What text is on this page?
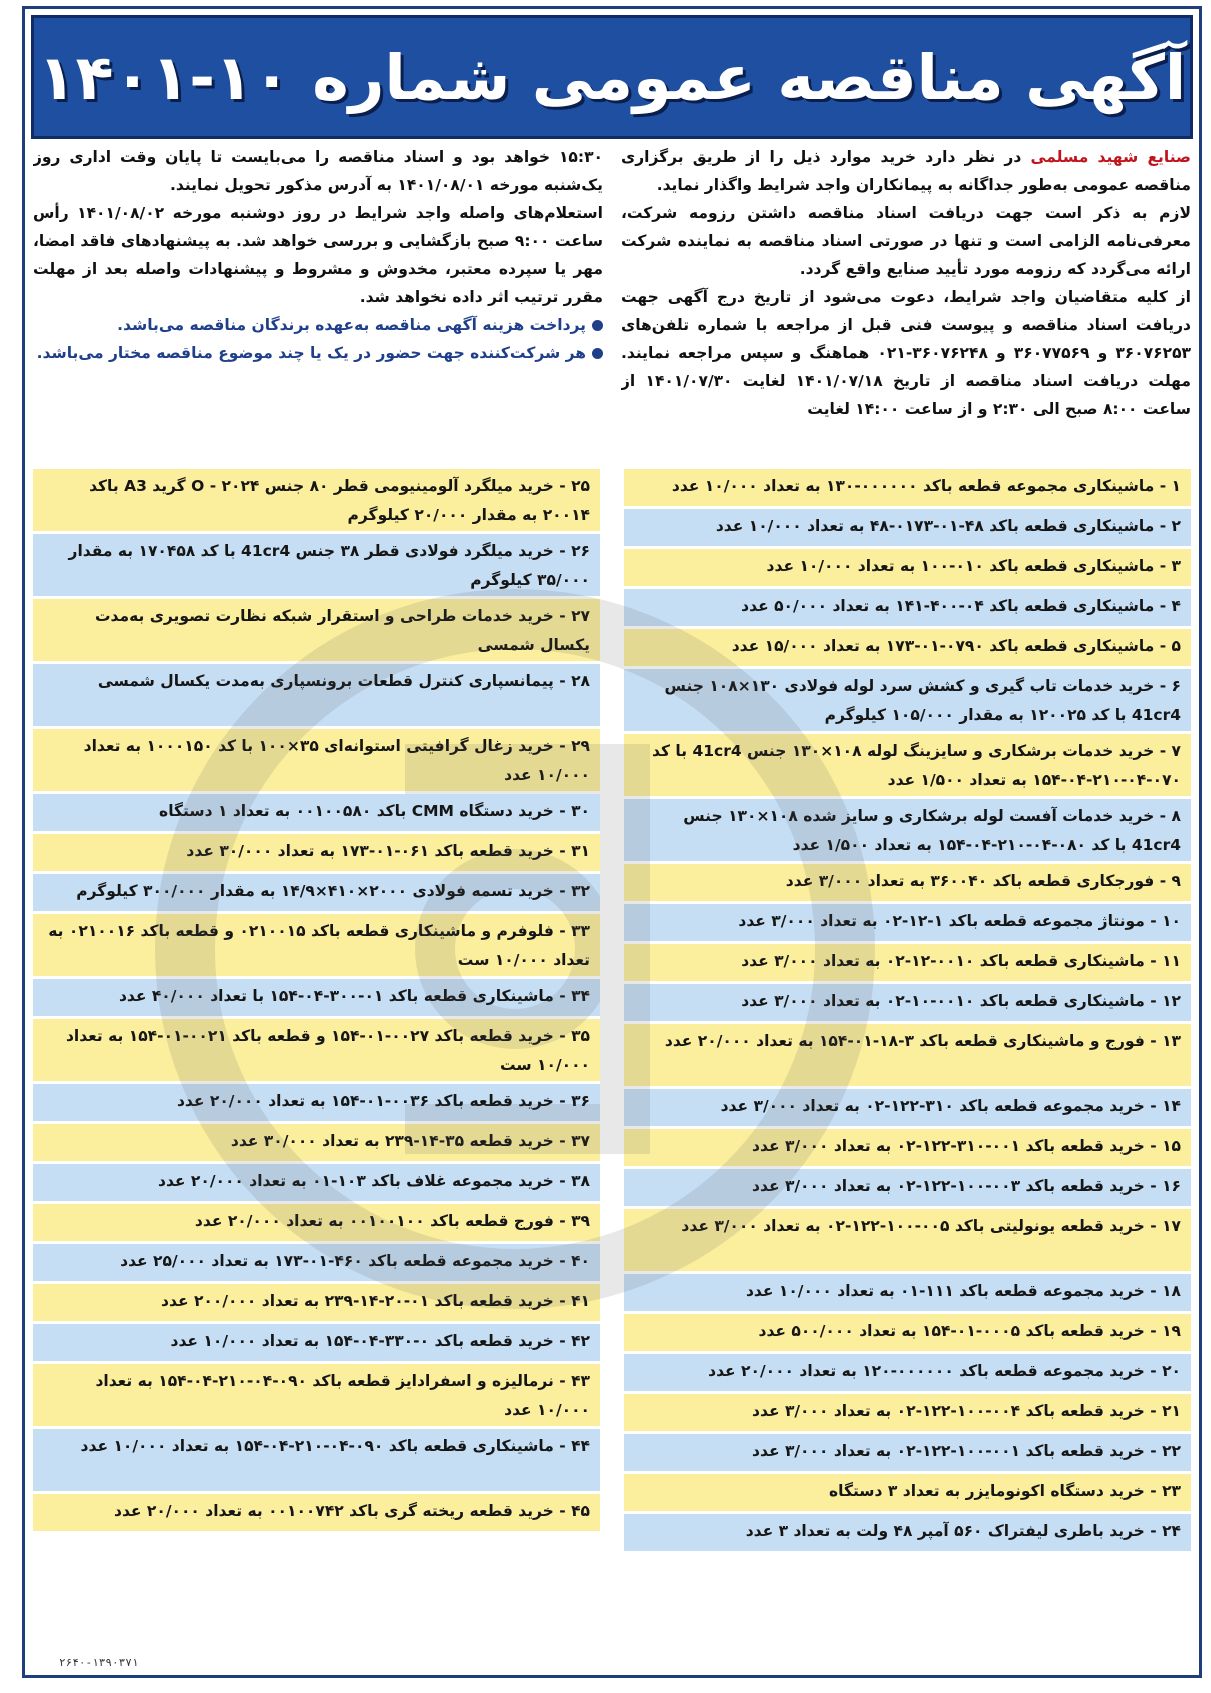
آگهی مناقصه عمومی شماره ۱۰-۱۴۰۱

صنایع شهید مسلمی در نظر دارد خرید موارد ذیل را از طریق برگزاری مناقصه عمومی به‌طور جداگانه به پیمانکاران واجد شرایط واگذار نماید.

لازم به ذکر است جهت دریافت اسناد مناقصه داشتن رزومه شرکت، معرفی‌نامه الزامی است و تنها در صورتی اسناد مناقصه به نماینده شرکت ارائه می‌گردد که رزومه مورد تأیید صنایع واقع گردد.

از کلیه متقاضیان واجد شرایط، دعوت می‌شود از تاریخ درج آگهی جهت دریافت اسناد مناقصه و پیوست فنی قبل از مراجعه با شماره تلفن‌های ۳۶۰۷۶۲۵۳ و ۳۶۰۷۷۵۶۹ و ۳۶۰۷۶۲۴۸-۰۲۱ هماهنگ و سپس مراجعه نمایند. مهلت دریافت اسناد مناقصه از تاریخ ۱۴۰۱/۰۷/۱۸ لغایت ۱۴۰۱/۰۷/۳۰ از ساعت ۸:۰۰ صبح الی ۲:۳۰ و از ساعت ۱۴:۰۰ لغایت

۱۵:۳۰ خواهد بود و اسناد مناقصه را می‌بایست تا پایان وقت اداری روز یک‌شنبه مورخه ۱۴۰۱/۰۸/۰۱ به آدرس مذکور تحویل نمایند.

استعلام‌های واصله واجد شرایط در روز دوشنبه مورخه ۱۴۰۱/۰۸/۰۲ رأس ساعت ۹:۰۰ صبح بازگشایی و بررسی خواهد شد. به پیشنهادهای فاقد امضا، مهر یا سپرده معتبر، مخدوش و مشروط و پیشنهادات واصله بعد از مهلت مقرر ترتیب اثر داده نخواهد شد.

پرداخت هزینه آگهی مناقصه به‌عهده برندگان مناقصه می‌باشد.

هر شرکت‌کننده جهت حضور در یک یا چند موضوع مناقصه مختار می‌باشد.

۱ - ماشینکاری مجموعه قطعه باکد ۰۰۰۰۰۰-۱۳۰ به تعداد ۱۰/۰۰۰ عدد
۲ - ماشینکاری قطعه باکد ۴۸-۰۱-۰۱۷۳-۴۸ به تعداد ۱۰/۰۰۰ عدد
۳ - ماشینکاری قطعه باکد ۰۱۰-۱۰۰ به تعداد ۱۰/۰۰۰ عدد
۴ - ماشینکاری قطعه باکد ۰۴-۴۰۰-۱۴۱ به تعداد ۵۰/۰۰۰ عدد
۵ - ماشینکاری قطعه باکد ۰۷۹۰-۰۱-۱۷۳ به تعداد ۱۵/۰۰۰ عدد
۶ - خرید خدمات تاب گیری و کشش سرد لوله فولادی ۱۳۰×۱۰۸ جنس 41cr4 با کد ۱۲۰۰۲۵ به مقدار ۱۰۵/۰۰۰ کیلوگرم
۷ - خرید خدمات برشکاری و سایزینگ لوله ۱۰۸×۱۳۰ جنس 41cr4 با کد ۰۷۰-۰۴-۲۱۰-۰۴-۱۵۴ به تعداد ۱/۵۰۰ عدد
۸ - خرید خدمات آفست لوله برشکاری و سایز شده ۱۰۸×۱۳۰ جنس 41cr4 با کد ۰۸۰-۰۴-۲۱۰-۰۴-۱۵۴ به تعداد ۱/۵۰۰ عدد
۹ - فورجکاری قطعه باکد ۳۶۰۰۴۰ به تعداد ۳/۰۰۰ عدد
۱۰ - مونتاژ مجموعه قطعه باکد ۱-۱۲-۰۲ به تعداد ۳/۰۰۰ عدد
۱۱ - ماشینکاری قطعه باکد ۰۰۱۰-۱۲-۰۲ به تعداد ۳/۰۰۰ عدد
۱۲ - ماشینکاری قطعه باکد ۰۰۱۰-۱۰-۰۲ به تعداد ۳/۰۰۰ عدد
۱۳ - فورج و ماشینکاری قطعه باکد ۳-۱۸-۰۱-۱۵۴ به تعداد ۲۰/۰۰۰ عدد
۱۴ - خرید مجموعه قطعه باکد ۳۱۰-۱۲۲-۰۲ به تعداد ۳/۰۰۰ عدد
۱۵ - خرید قطعه باکد ۰۰۱-۳۱۰-۱۲۲-۰۲ به تعداد ۳/۰۰۰ عدد
۱۶ - خرید قطعه باکد ۰۰۳-۱۰۰-۱۲۲-۰۲ به تعداد ۳/۰۰۰ عدد
۱۷ - خرید قطعه یونولیتی باکد ۰۰۵-۱۰۰-۱۲۲-۰۲ به تعداد ۳/۰۰۰ عدد
۱۸ - خرید مجموعه قطعه باکد ۱۱۱-۰۱ به تعداد ۱۰/۰۰۰ عدد
۱۹ - خرید قطعه باکد ۰۰۰۵-۰۱-۱۵۴ به تعداد ۵۰۰/۰۰۰ عدد
۲۰ - خرید مجموعه قطعه باکد ۰۰۰۰۰۰-۱۲۰ به تعداد ۲۰/۰۰۰ عدد
۲۱ - خرید قطعه باکد ۰۰۴-۱۰۰-۱۲۲-۰۲ به تعداد ۳/۰۰۰ عدد
۲۲ - خرید قطعه باکد ۰۰۱-۱۰۰-۱۲۲-۰۲ به تعداد ۳/۰۰۰ عدد
۲۳ - خرید دستگاه اکونومایزر به تعداد ۳ دستگاه
۲۴ - خرید باطری لیفتراک ۵۶۰ آمپر ۴۸ ولت به تعداد ۳ عدد
۲۵ - خرید میلگرد آلومینیومی قطر ۸۰ جنس ۲۰۲۴ - O گرید A3 باکد ۲۰۰۱۴ به مقدار ۲۰/۰۰۰ کیلوگرم
۲۶ - خرید میلگرد فولادی قطر ۳۸ جنس 41cr4 با کد ۱۷۰۴۵۸ به مقدار ۳۵/۰۰۰ کیلوگرم
۲۷ - خرید خدمات طراحی و استقرار شبکه نظارت تصویری به‌مدت یکسال شمسی
۲۸ - پیمانسپاری کنترل قطعات برونسپاری به‌مدت یکسال شمسی
۲۹ - خرید زغال گرافیتی استوانه‌ای ۳۵×۱۰۰ با کد ۱۰۰۰۱۵۰ به تعداد ۱۰/۰۰۰ عدد
۳۰ - خرید دستگاه CMM باکد ۰۰۱۰۰۵۸۰ به تعداد ۱ دستگاه
۳۱ - خرید قطعه باکد ۰۶۱-۰۱-۱۷۳ به تعداد ۳۰/۰۰۰ عدد
۳۲ - خرید تسمه فولادی ۲۰۰۰×۴۱۰×۱۴/۹ به مقدار ۳۰۰/۰۰۰ کیلوگرم
۳۳ - فلوفرم و ماشینکاری قطعه باکد ۰۲۱۰۰۱۵ و قطعه باکد ۰۲۱۰۰۱۶ به تعداد ۱۰/۰۰۰ ست
۳۴ - ماشینکاری قطعه باکد ۰۱-۳۰۰-۰۴-۱۵۴ با تعداد ۴۰/۰۰۰ عدد
۳۵ - خرید قطعه باکد ۰۰۲۷-۰۱-۱۵۴ و قطعه باکد ۰۰۲۱-۰۱-۱۵۴ به تعداد ۱۰/۰۰۰ ست
۳۶ - خرید قطعه باکد ۰۰۳۶-۰۱-۱۵۴ به تعداد ۲۰/۰۰۰ عدد
۳۷ - خرید قطعه ۳۵-۱۴-۲۳۹ به تعداد ۳۰/۰۰۰ عدد
۳۸ - خرید مجموعه غلاف باکد ۱۰۳-۰۱ به تعداد ۲۰/۰۰۰ عدد
۳۹ - فورج قطعه باکد ۰۰۱۰۰۱۰۰ به تعداد ۲۰/۰۰۰ عدد
۴۰ - خرید مجموعه قطعه باکد ۴۶۰-۰۱-۱۷۳ به تعداد ۲۵/۰۰۰ عدد
۴۱ - خرید قطعه باکد ۰۱-۲۰-۱۴-۲۳۹ به تعداد ۲۰۰/۰۰۰ عدد
۴۲ - خرید قطعه باکد ۰-۳۳۰-۰۴-۱۵۴ به تعداد ۱۰/۰۰۰ عدد
۴۳ - نرمالیزه و اسفرادایز قطعه باکد ۰۹۰-۰۴-۲۱۰-۰۴-۱۵۴ به تعداد ۱۰/۰۰۰ عدد
۴۴ - ماشینکاری قطعه باکد ۰۹۰-۰۴-۲۱۰-۰۴-۱۵۴ به تعداد ۱۰/۰۰۰ عدد
۴۵ - خرید قطعه ریخته گری باکد ۰۰۱۰۰۷۴۲ به تعداد ۲۰/۰۰۰ عدد
۲۶۴۰-۱۳۹۰۳۷۱
